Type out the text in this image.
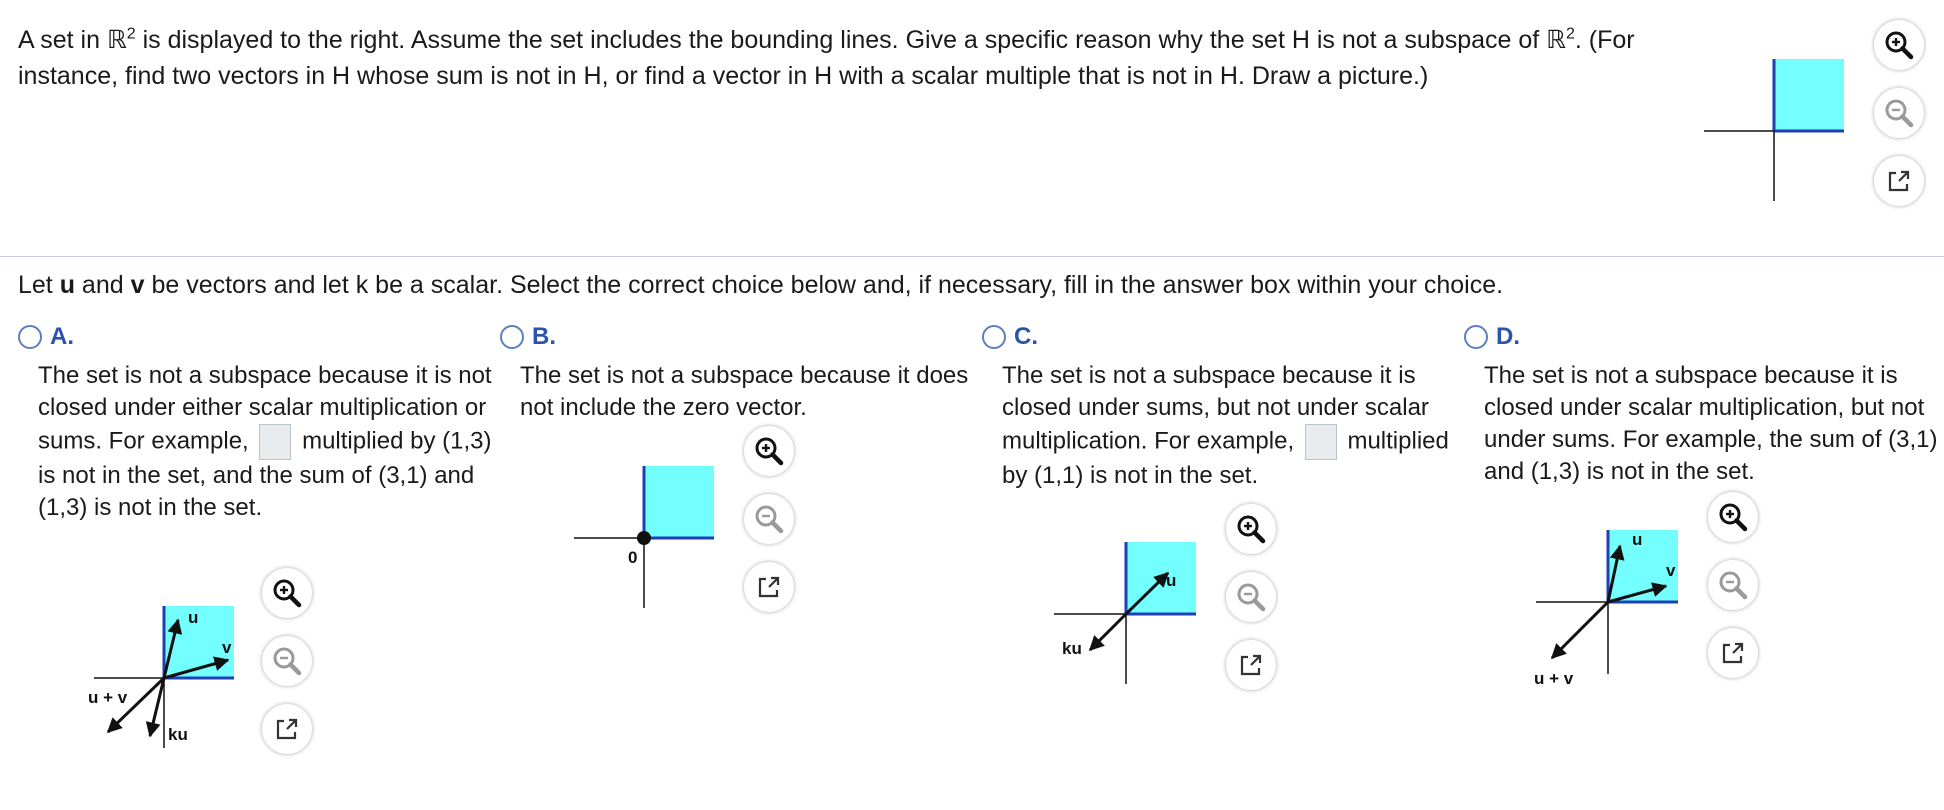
A set in ℝ$^2$ is displayed to the right. Assume the set includes the bounding lines. Give a specific reason why the set H is not a subspace of ℝ$^2$. (For instance, find two vectors in H whose sum is not in H, or find a vector in H with a scalar multiple that is not in H. Draw a picture.)
Let u and v be vectors and let k be a scalar. Select the correct choice below and, if necessary, fill in the answer box within your choice.
A.
The set is not a subspace because it is not closed under either scalar multiplication or sums. For example, multiplied by (1,3) is not in the set, and the sum of (3,1) and (1,3) is not in the set.
u
v
u + v
ku
B.
The set is not a subspace because it does not include the zero vector.
0
C.
The set is not a subspace because it is closed under sums, but not under scalar multiplication. For example, multiplied by (1,1) is not in the set.
u
ku
D.
The set is not a subspace because it is closed under scalar multiplication, but not under sums. For example, the sum of (3,1) and (1,3) is not in the set.
u
v
u + v
